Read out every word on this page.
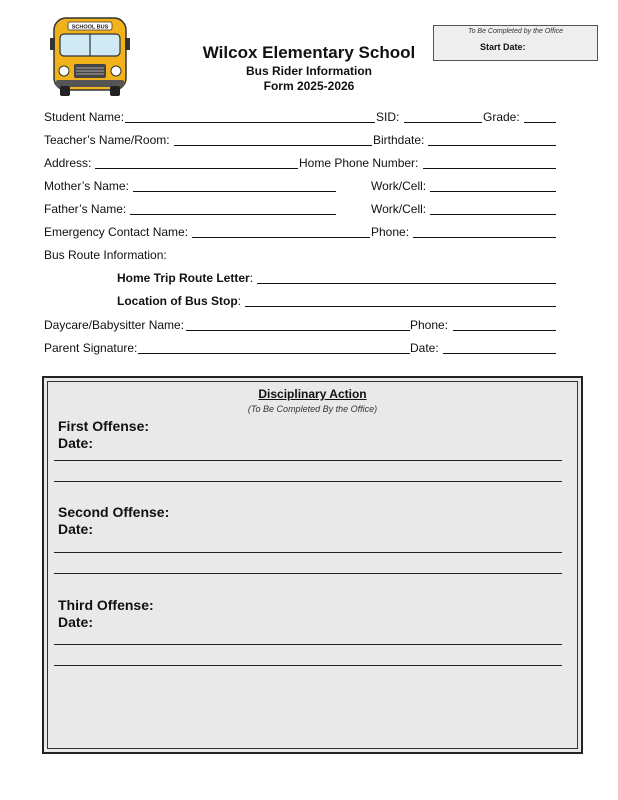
SCHOOL BUS
Wilcox Elementary School
Bus Rider Information
Form 2025-2026
To Be Completed by the Office
Start Date:
Student Name:	SID:	Grade:
Teacher’s Name/Room:	Birthdate:
Address:	Home Phone Number:
Mother’s Name:	Work/Cell:
Father’s Name:	Work/Cell:
Emergency Contact Name:	Phone:
Bus Route Information:
Home Trip Route Letter:
Location of Bus Stop:
Daycare/Babysitter Name:	Phone:
Parent Signature:	Date:
Disciplinary Action
(To Be Completed By the Office)
First Offense:
Date:
Second Offense:
Date:
Third Offense:
Date:
